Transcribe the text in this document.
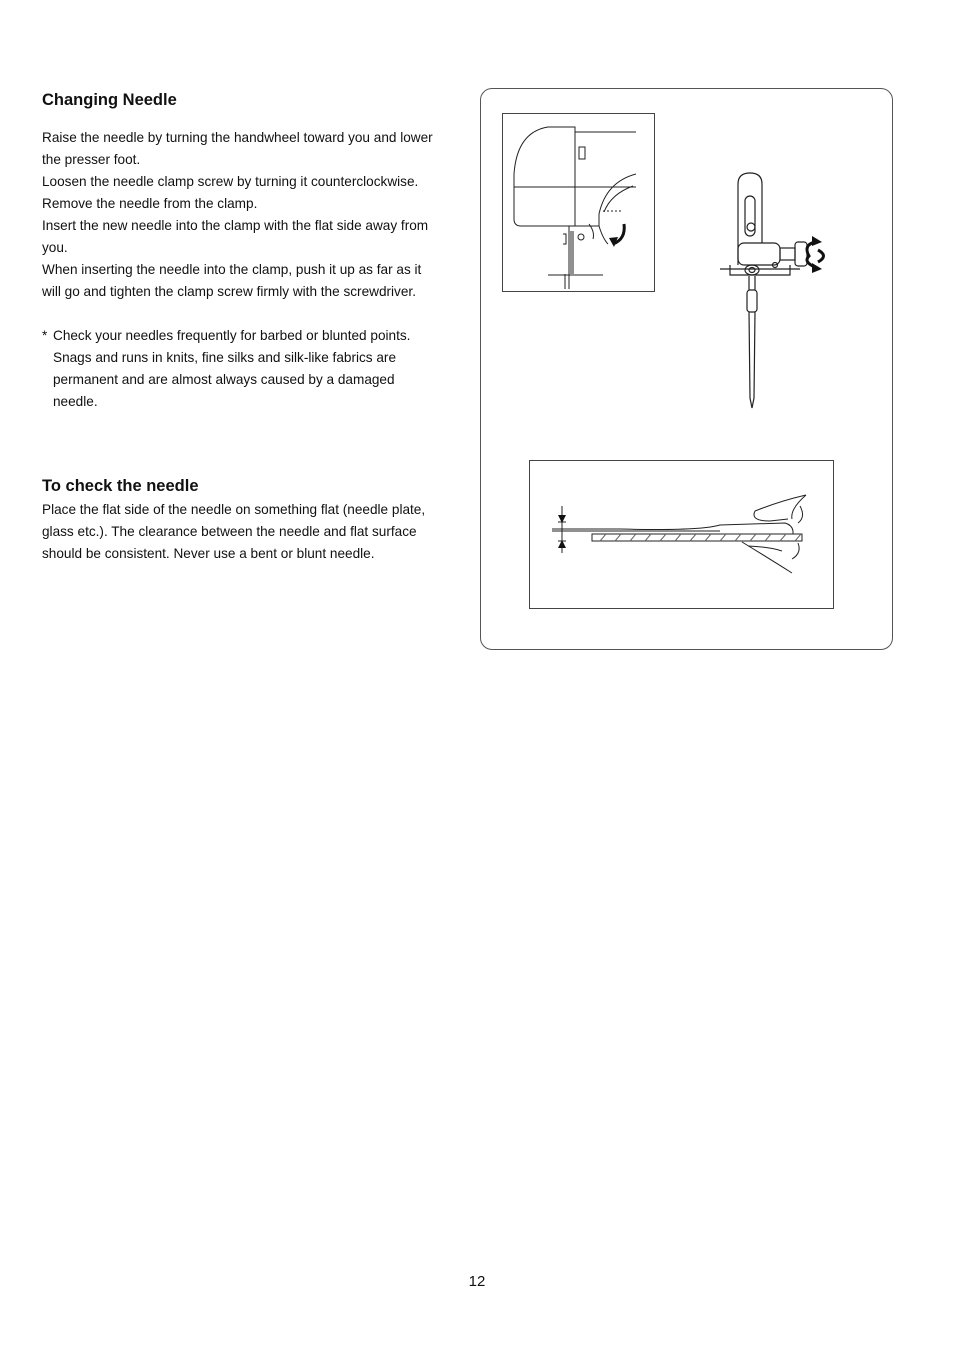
Changing Needle

Raise the needle by turning the handwheel toward you and lower the presser foot.

Loosen the needle clamp screw by turning it counterclockwise.

Remove the needle from the clamp.

Insert the new needle into the clamp with the flat side away from you.

When inserting the needle into the clamp, push it up as far as it will go and tighten the clamp screw firmly with the screwdriver.

* Check your needles frequently for barbed or blunted points. Snags and runs in knits, fine silks and silk-like fabrics are permanent and are almost always caused by a damaged needle.
To check the needle

Place the flat side of the needle on something flat (needle plate, glass etc.). The clearance between the needle and flat surface should be consistent. Never use a bent or blunt needle.

12
